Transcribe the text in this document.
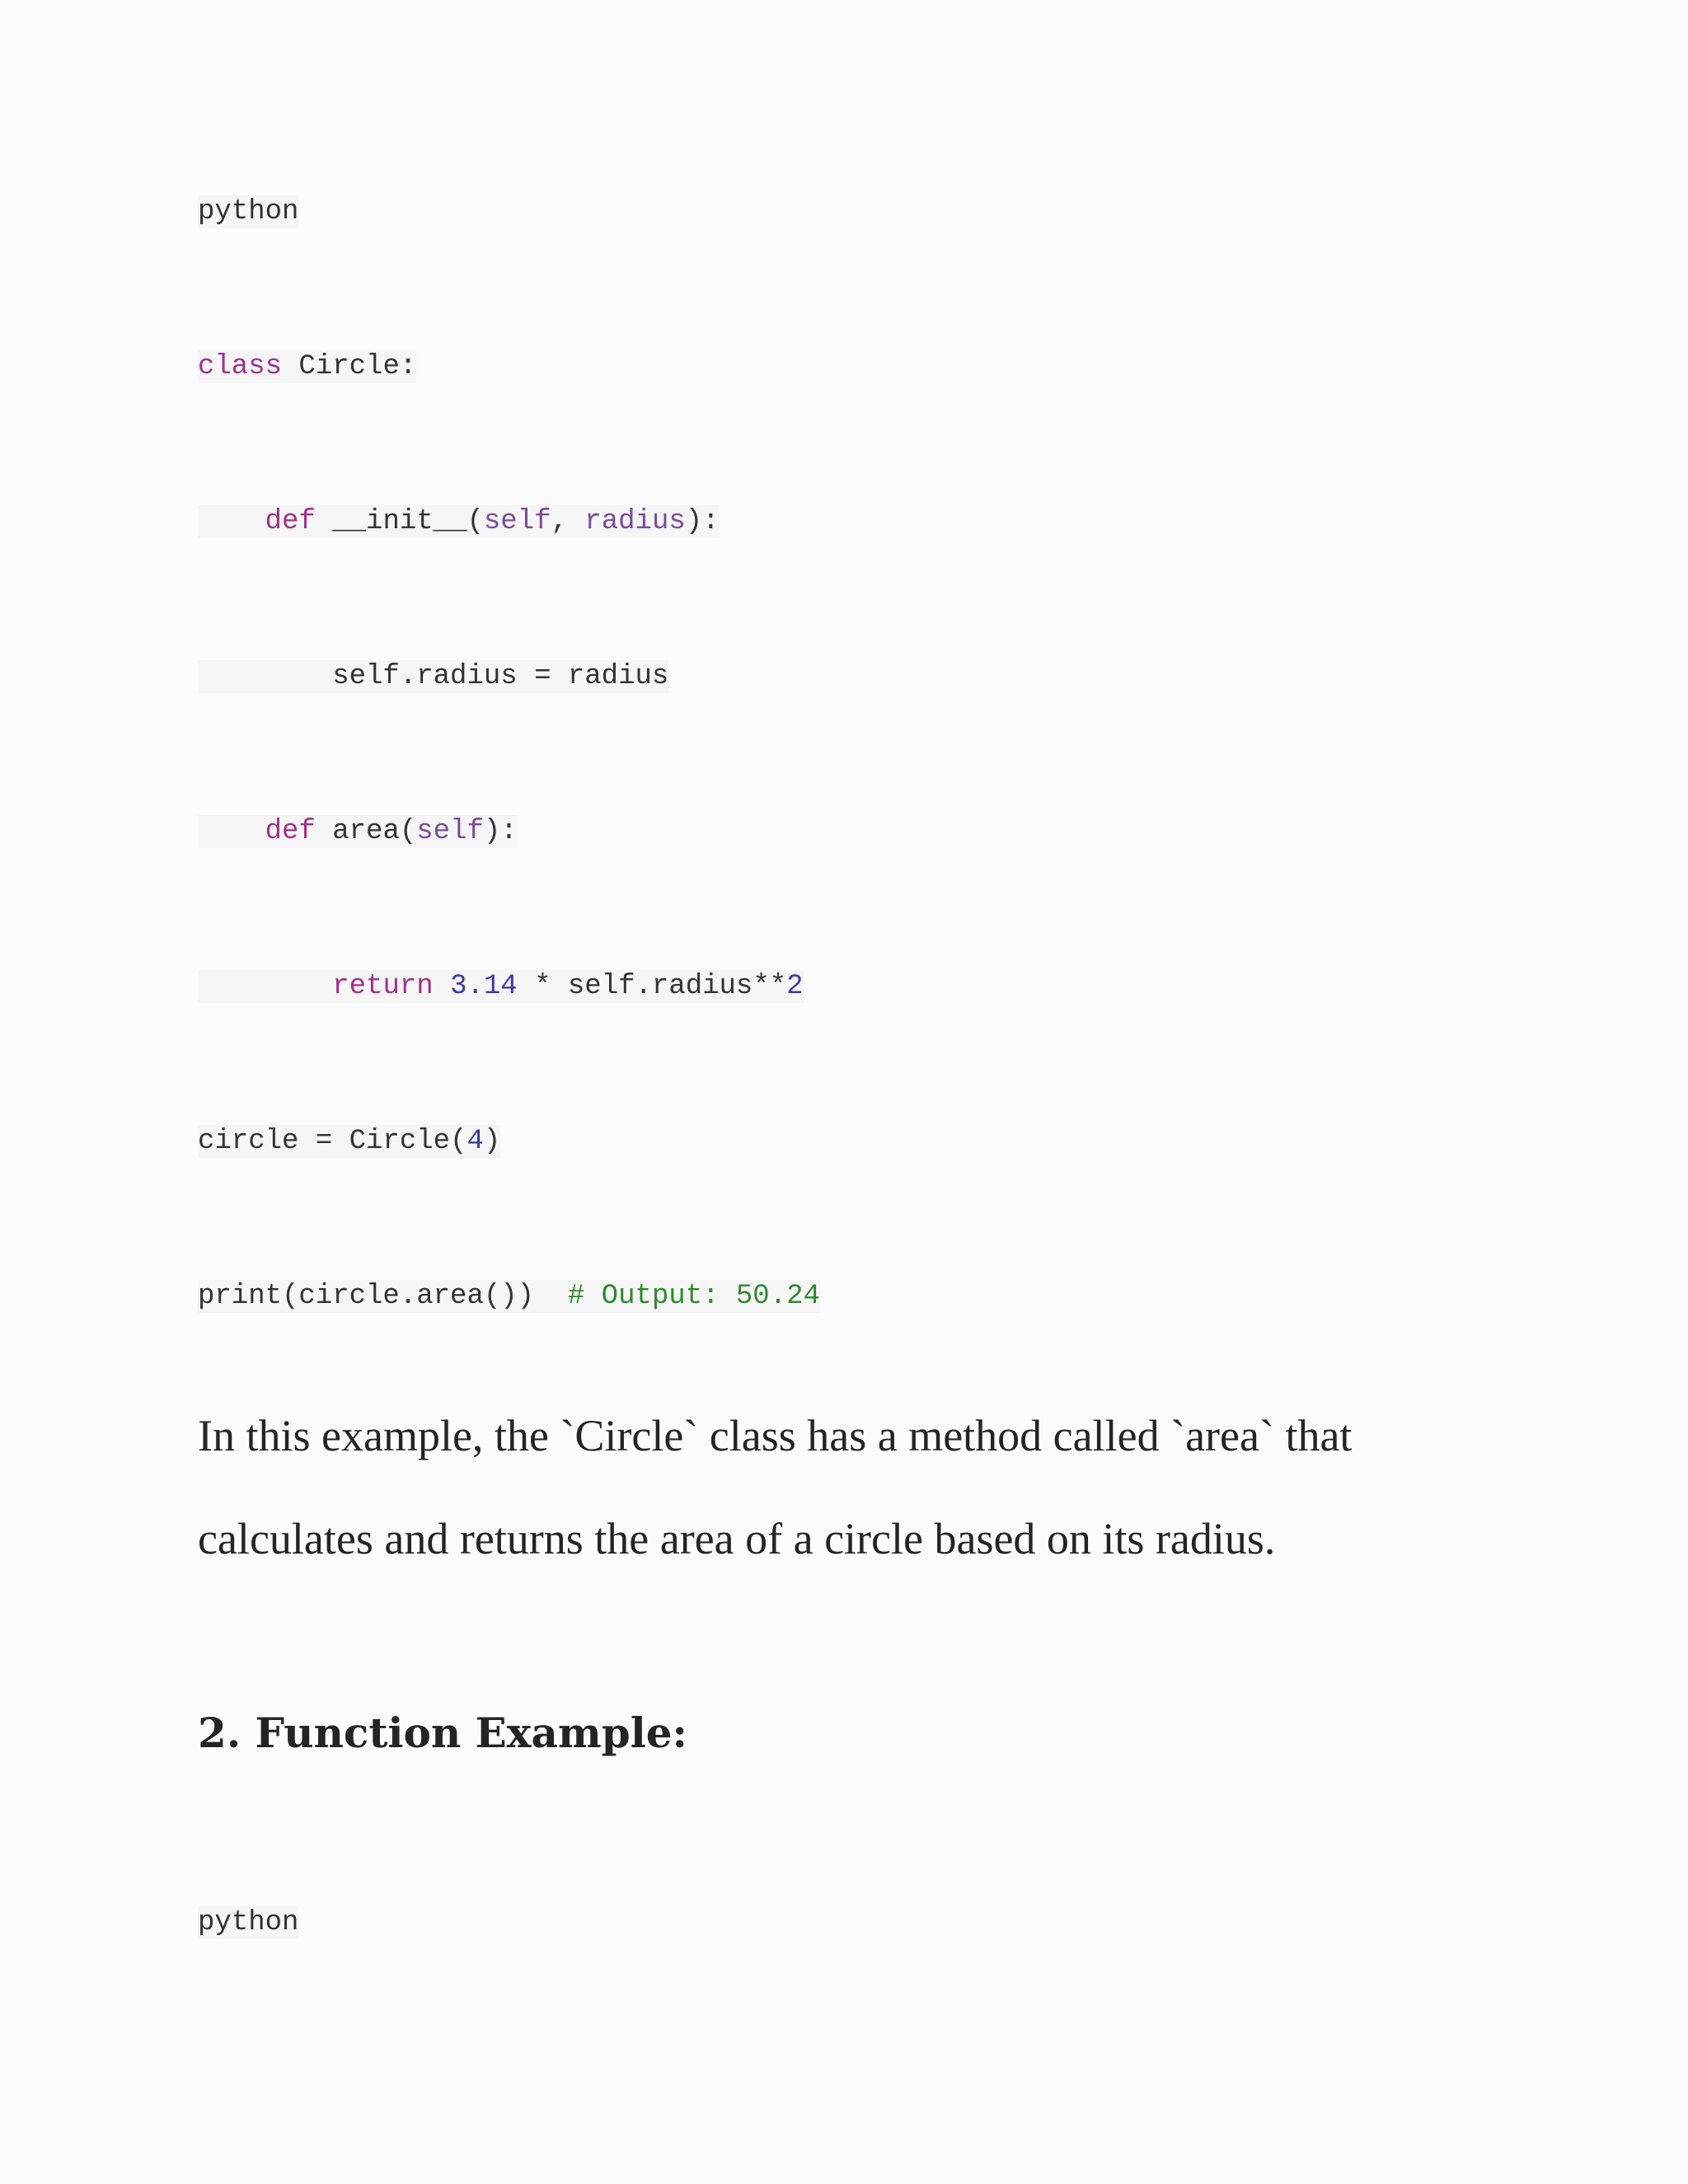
python
class Circle:
def __init__(self, radius):
self.radius = radius
def area(self):
return 3.14 * self.radius**2
circle = Circle(4)
print(circle.area())  # Output: 50.24
In this example, the `Circle` class has a method called `area` that calculates and returns the area of a circle based on its radius.
2. Function Example:
python
